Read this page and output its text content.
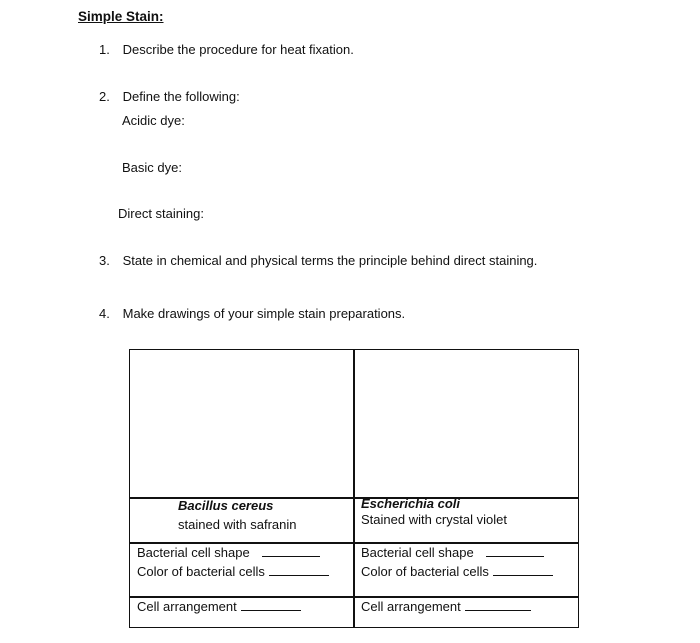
Simple Stain:
1. Describe the procedure for heat fixation.
2. Define the following:
Acidic dye:
Basic dye:
Direct staining:
3. State in chemical and physical terms the principle behind direct staining.
4. Make drawings of your simple stain preparations.
Bacillus cereus
stained with safranin
Escherichia coli
Stained with crystal violet
Bacterial cell shape
Color of bacterial cells
Cell arrangement
Bacterial cell shape
Color of bacterial cells
Cell arrangement
